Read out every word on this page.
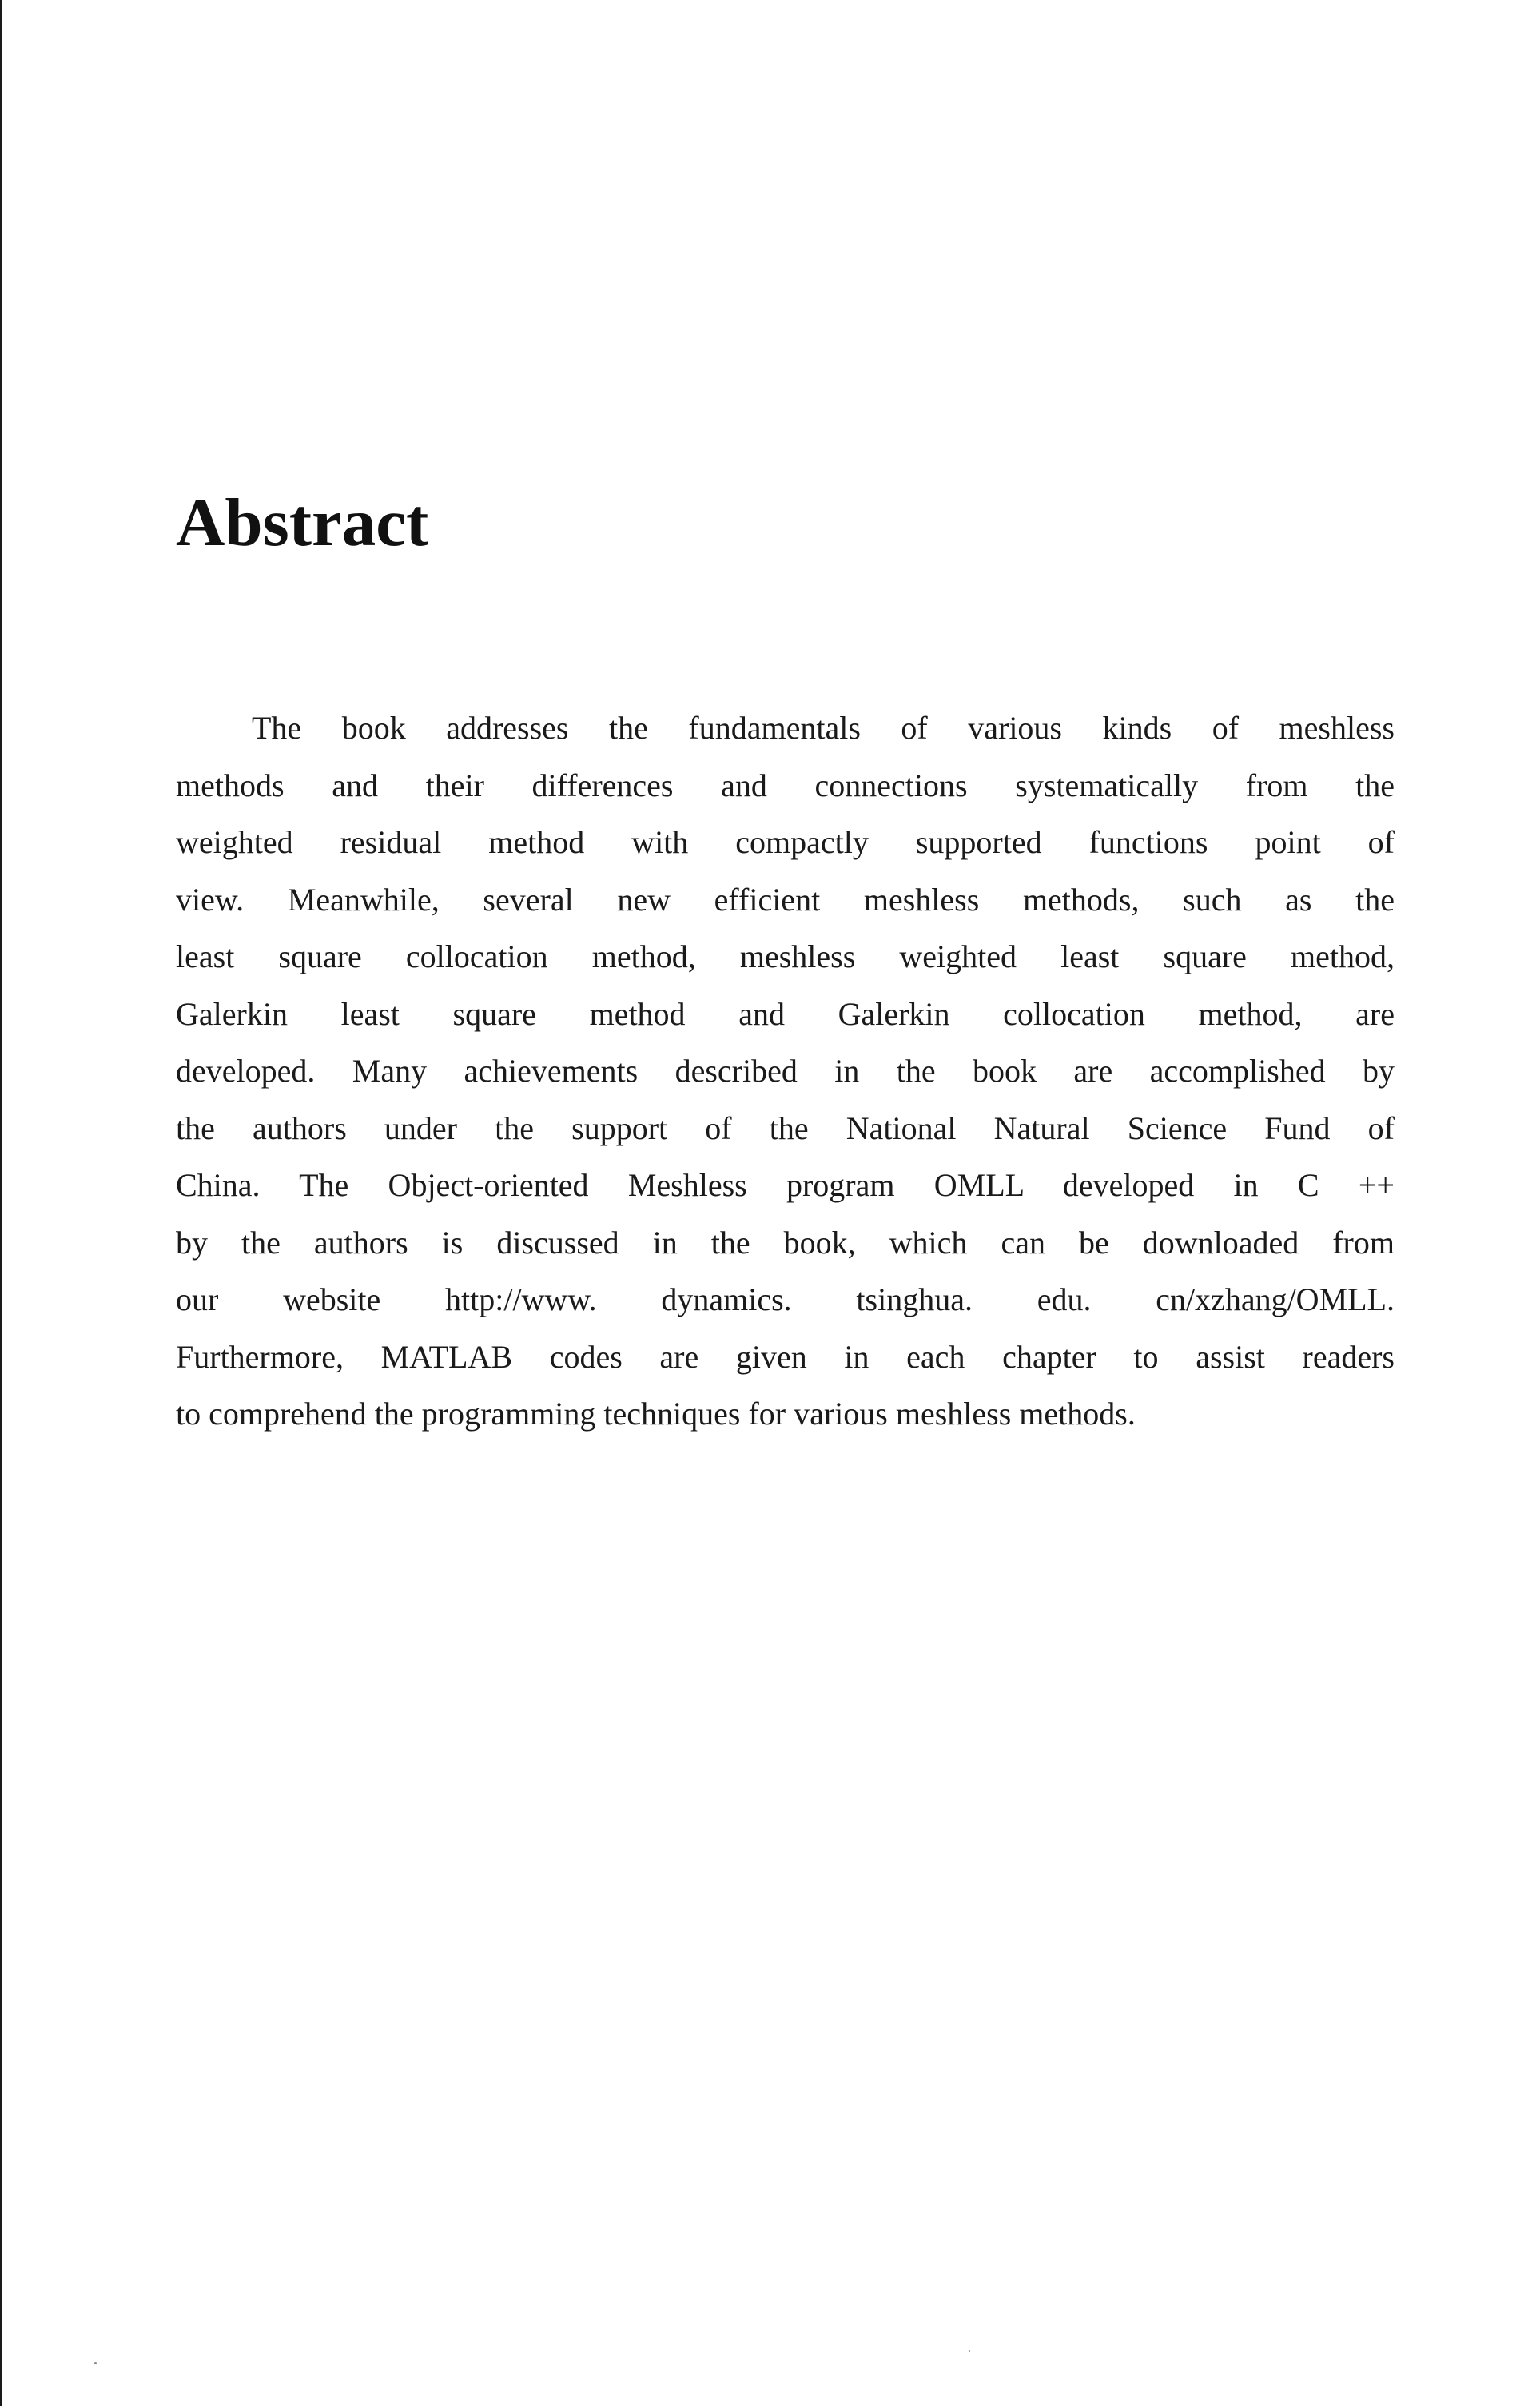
Abstract
The book addresses the fundamentals of various kinds of meshless
methods and their differences and connections systematically from the
weighted residual method with compactly supported functions point of
view. Meanwhile, several new efficient meshless methods, such as the
least square collocation method, meshless weighted least square method,
Galerkin least square method and Galerkin collocation method, are
developed. Many achievements described in the book are accomplished by
the authors under the support of the National Natural Science Fund of
China. The Object-oriented Meshless program OMLL developed in C ++
by the authors is discussed in the book, which can be downloaded from
our website http://www. dynamics. tsinghua. edu. cn/xzhang/OMLL.
Furthermore, MATLAB codes are given in each chapter to assist readers
to comprehend the programming techniques for various meshless methods.
